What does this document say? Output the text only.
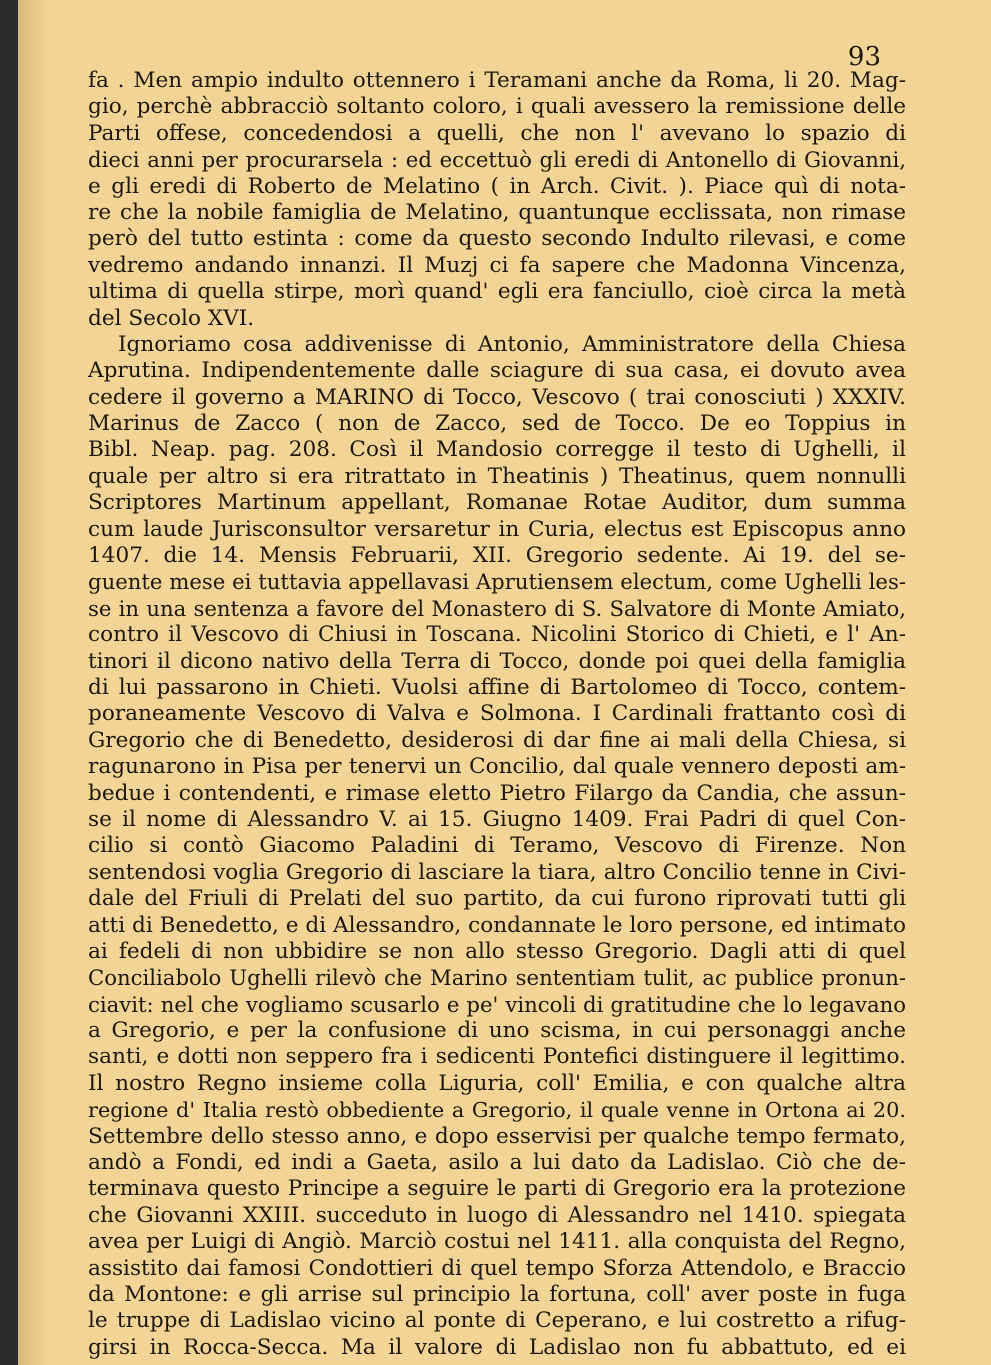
93
fa . Men ampio indulto ottennero i Teramani anche da Roma, li 20. Mag-
gio, perchè abbracciò soltanto coloro, i quali avessero la remissione delle
Parti offese, concedendosi a quelli, che non l' avevano lo spazio di
dieci anni per procurarsela : ed eccettuò gli eredi di Antonello di Giovanni,
e gli eredi di Roberto de Melatino ( in Arch. Civit. ). Piace quì di nota-
re che la nobile famiglia de Melatino, quantunque ecclissata, non rimase
però del tutto estinta : come da questo secondo Indulto rilevasi, e come
vedremo andando innanzi. Il Muzj ci fa sapere che Madonna Vincenza,
ultima di quella stirpe, morì quand' egli era fanciullo, cioè circa la metà
del Secolo XVI.
Ignoriamo cosa addivenisse di Antonio, Amministratore della Chiesa
Aprutina. Indipendentemente dalle sciagure di sua casa, ei dovuto avea
cedere il governo a MARINO di Tocco, Vescovo ( trai conosciuti ) XXXIV.
Marinus de Zacco ( non de Zacco, sed de Tocco. De eo Toppius in
Bibl. Neap. pag. 208. Così il Mandosio corregge il testo di Ughelli, il
quale per altro si era ritrattato in Theatinis ) Theatinus, quem nonnulli
Scriptores Martinum appellant, Romanae Rotae Auditor, dum summa
cum laude Jurisconsultor versaretur in Curia, electus est Episcopus anno
1407. die 14. Mensis Februarii, XII. Gregorio sedente. Ai 19. del se-
guente mese ei tuttavia appellavasi Aprutiensem electum, come Ughelli les-
se in una sentenza a favore del Monastero di S. Salvatore di Monte Amiato,
contro il Vescovo di Chiusi in Toscana. Nicolini Storico di Chieti, e l' An-
tinori il dicono nativo della Terra di Tocco, donde poi quei della famiglia
di lui passarono in Chieti. Vuolsi affine di Bartolomeo di Tocco, contem-
poraneamente Vescovo di Valva e Solmona. I Cardinali frattanto così di
Gregorio che di Benedetto, desiderosi di dar fine ai mali della Chiesa, si
ragunarono in Pisa per tenervi un Concilio, dal quale vennero deposti am-
bedue i contendenti, e rimase eletto Pietro Filargo da Candia, che assun-
se il nome di Alessandro V. ai 15. Giugno 1409. Frai Padri di quel Con-
cilio si contò Giacomo Paladini di Teramo, Vescovo di Firenze. Non
sentendosi voglia Gregorio di lasciare la tiara, altro Concilio tenne in Civi-
dale del Friuli di Prelati del suo partito, da cui furono riprovati tutti gli
atti di Benedetto, e di Alessandro, condannate le loro persone, ed intimato
ai fedeli di non ubbidire se non allo stesso Gregorio. Dagli atti di quel
Conciliabolo Ughelli rilevò che Marino sententiam tulit, ac publice pronun-
ciavit: nel che vogliamo scusarlo e pe' vincoli di gratitudine che lo legavano
a Gregorio, e per la confusione di uno scisma, in cui personaggi anche
santi, e dotti non seppero fra i sedicenti Pontefici distinguere il legittimo.
Il nostro Regno insieme colla Liguria, coll' Emilia, e con qualche altra
regione d' Italia restò obbediente a Gregorio, il quale venne in Ortona ai 20.
Settembre dello stesso anno, e dopo esservisi per qualche tempo fermato,
andò a Fondi, ed indi a Gaeta, asilo a lui dato da Ladislao. Ciò che de-
terminava questo Principe a seguire le parti di Gregorio era la protezione
che Giovanni XXIII. succeduto in luogo di Alessandro nel 1410. spiegata
avea per Luigi di Angiò. Marciò costui nel 1411. alla conquista del Regno,
assistito dai famosi Condottieri di quel tempo Sforza Attendolo, e Braccio
da Montone: e gli arrise sul principio la fortuna, coll' aver poste in fuga
le truppe di Ladislao vicino al ponte di Ceperano, e lui costretto a rifug-
girsi in Rocca-Secca. Ma il valore di Ladislao non fu abbattuto, ed ei
